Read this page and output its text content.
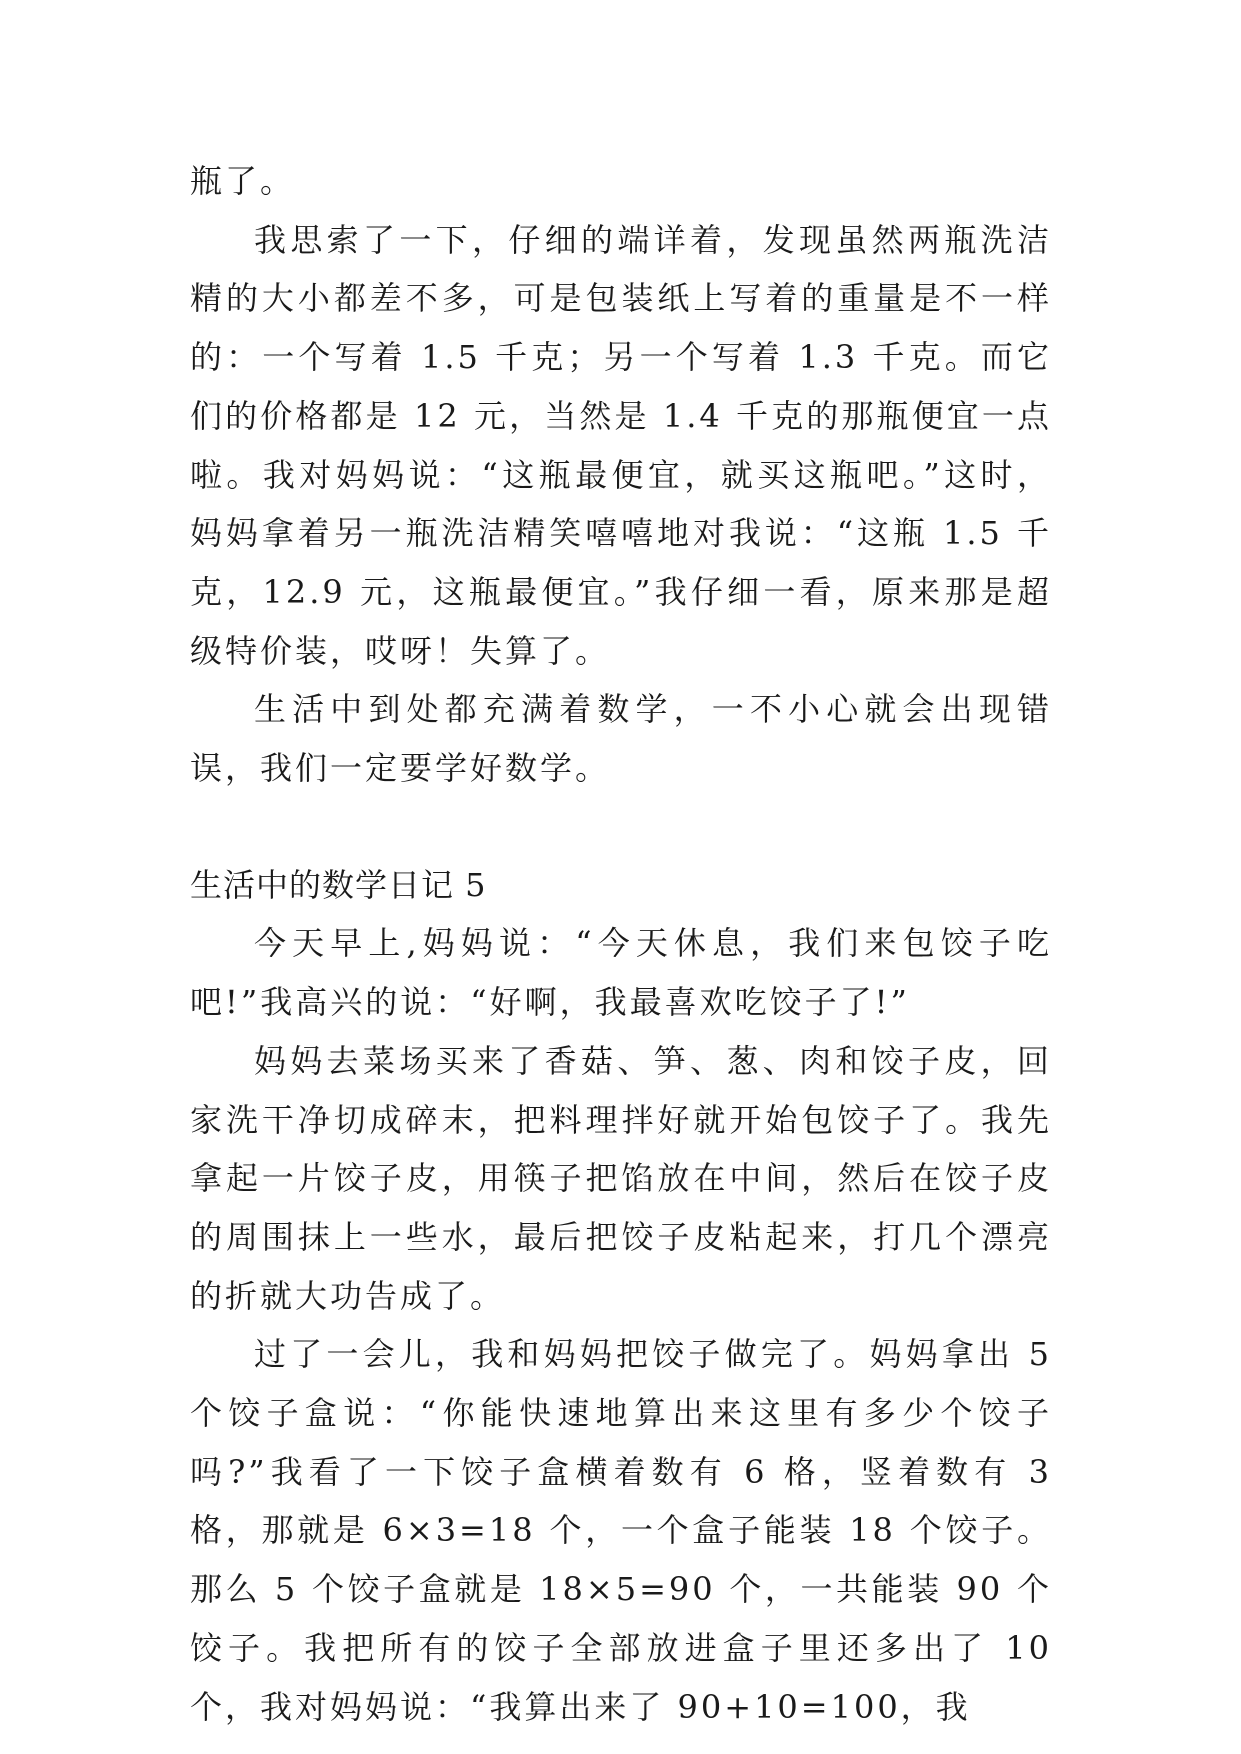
瓶了。

我思索了一下，仔细的端详着，发现虽然两瓶洗洁精的大小都差不多，可是包装纸上写着的重量是不一样的：一个写着 1.5 千克；另一个写着 1.3 千克。而它们的价格都是 12 元，当然是 1.4 千克的那瓶便宜一点啦。我对妈妈说：“这瓶最便宜，就买这瓶吧。”这时，妈妈拿着另一瓶洗洁精笑嘻嘻地对我说：“这瓶 1.5 千克，12.9 元，这瓶最便宜。”我仔细一看，原来那是超级特价装，哎呀！失算了。

生活中到处都充满着数学，一不小心就会出现错误，我们一定要学好数学。

生活中的数学日记 5

今天早上,妈妈说：“今天休息，我们来包饺子吃吧!”我高兴的说：“好啊，我最喜欢吃饺子了!”

妈妈去菜场买来了香菇、笋、葱、肉和饺子皮，回家洗干净切成碎末，把料理拌好就开始包饺子了。我先拿起一片饺子皮，用筷子把馅放在中间，然后在饺子皮的周围抹上一些水，最后把饺子皮粘起来，打几个漂亮的折就大功告成了。

过了一会儿，我和妈妈把饺子做完了。妈妈拿出 5 个饺子盒说：“你能快速地算出来这里有多少个饺子吗?”我看了一下饺子盒横着数有 6 格，竖着数有 3 格，那就是 6×3=18 个，一个盒子能装 18 个饺子。那么 5 个饺子盒就是 18×5=90 个，一共能装 90 个饺子。我把所有的饺子全部放进盒子里还多出了 10 个，我对妈妈说：“我算出来了 90+10=100，我
